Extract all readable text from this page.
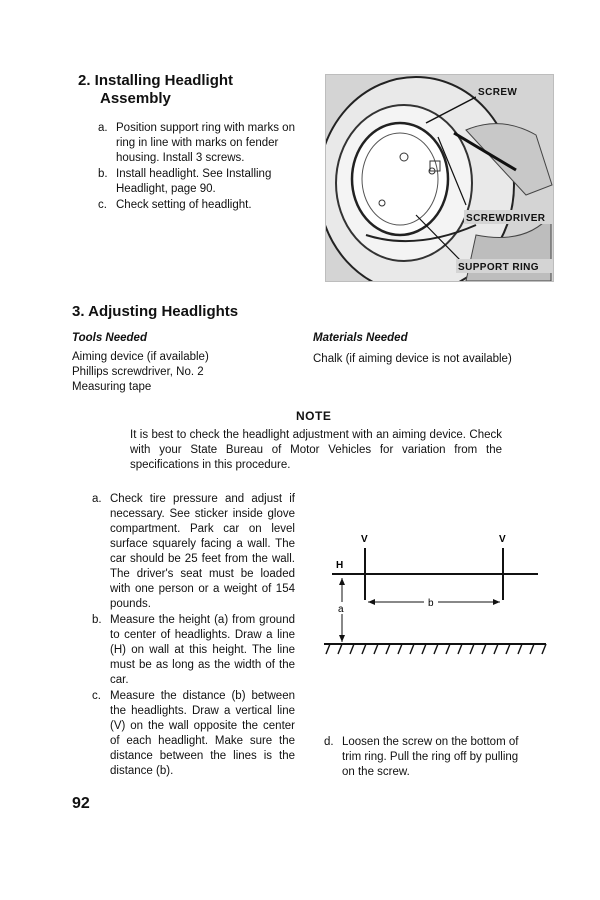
2. Installing Headlight
Assembly
a. Position support ring with marks on ring in line with marks on fender housing. Install 3 screws.
b. Install headlight. See Installing Headlight, page 90.
c. Check setting of headlight.
SCREW
SCREWDRIVER
SUPPORT RING
3. Adjusting Headlights
Tools Needed
Aiming device (if available)
Phillips screwdriver, No. 2
Measuring tape
Materials Needed
Chalk (if aiming device is not available)
NOTE
It is best to check the headlight adjustment with an aiming device. Check with your State Bureau of Motor Vehicles for variation from the specifications in this procedure.
a. Check tire pressure and adjust if necessary. See sticker inside glove compartment. Park car on level surface squarely facing a wall. The car should be 25 feet from the wall. The driver's seat must be loaded with one person or a weight of 154 pounds.
b. Measure the height (a) from ground to center of headlights. Draw a line (H) on wall at this height. The line must be as long as the width of the car.
c. Measure the distance (b) between the headlights. Draw a vertical line (V) on the wall opposite the center of each headlight. Make sure the distance between the lines is the distance (b).
V	V
H
b
a
d. Loosen the screw on the bottom of trim ring. Pull the ring off by pulling on the screw.
92
